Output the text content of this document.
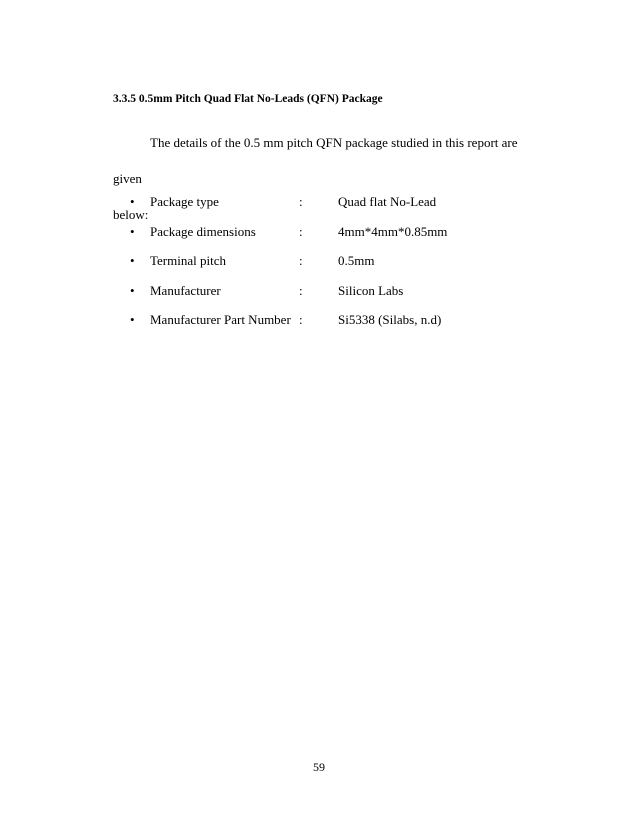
3.3.5 0.5mm Pitch Quad Flat No-Leads (QFN) Package

The details of the 0.5 mm pitch QFN package studied in this report are given
below:

• Package type	:	Quad flat No-Lead
• Package dimensions	:	4mm*4mm*0.85mm
• Terminal pitch	:	0.5mm
• Manufacturer	:	Silicon Labs
• Manufacturer Part Number :	Si5338 (Silabs, n.d)
59
